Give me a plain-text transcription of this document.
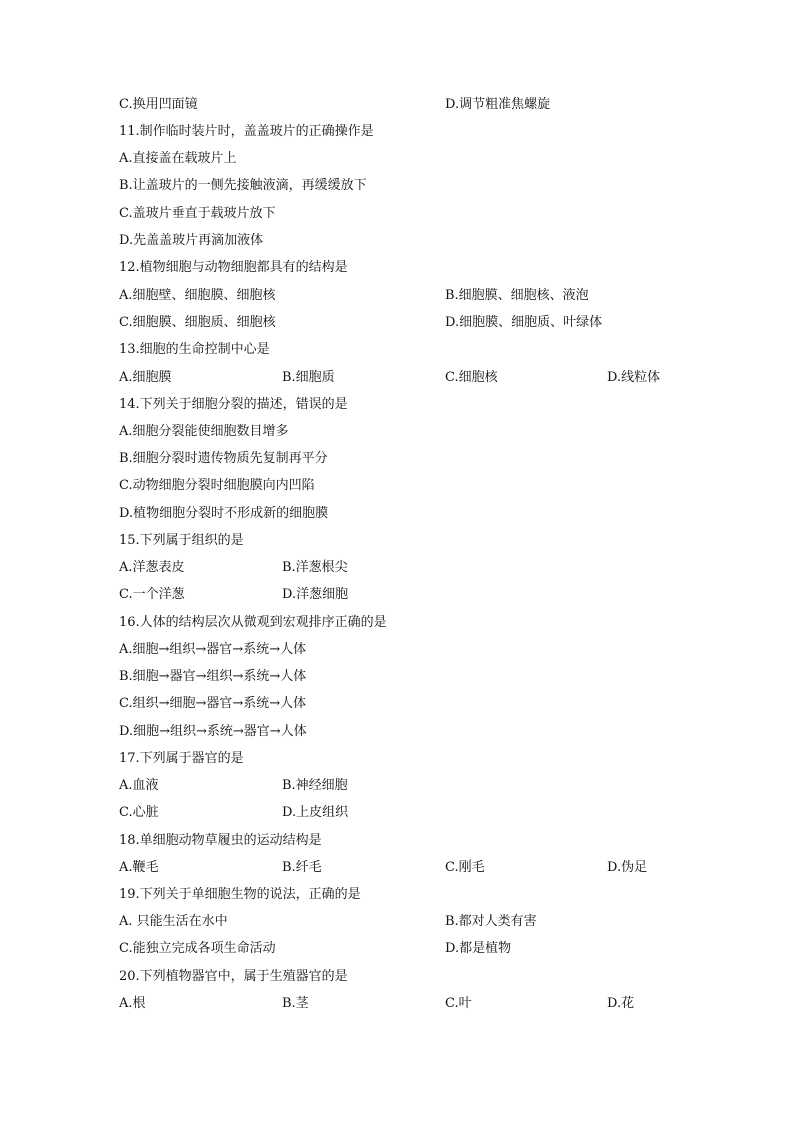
C.换用凹面镜	D.调节粗准焦螺旋
11.制作临时装片时，盖盖玻片的正确操作是
A.直接盖在载玻片上
B.让盖玻片的一侧先接触液滴，再缓缓放下
C.盖玻片垂直于载玻片放下
D.先盖盖玻片再滴加液体
12.植物细胞与动物细胞都具有的结构是
A.细胞壁、细胞膜、细胞核	B.细胞膜、细胞核、液泡
C.细胞膜、细胞质、细胞核	D.细胞膜、细胞质、叶绿体
13.细胞的生命控制中心是
A.细胞膜	B.细胞质	C.细胞核	D.线粒体
14.下列关于细胞分裂的描述，错误的是
A.细胞分裂能使细胞数目增多
B.细胞分裂时遗传物质先复制再平分
C.动物细胞分裂时细胞膜向内凹陷
D.植物细胞分裂时不形成新的细胞膜
15.下列属于组织的是
A.洋葱表皮	B.洋葱根尖
C.一个洋葱	D.洋葱细胞
16.人体的结构层次从微观到宏观排序正确的是
A.细胞→组织→器官→系统→人体
B.细胞→器官→组织→系统→人体
C.组织→细胞→器官→系统→人体
D.细胞→组织→系统→器官→人体
17.下列属于器官的是
A.血液	B.神经细胞
C.心脏	D.上皮组织
18.单细胞动物草履虫的运动结构是
A.鞭毛	B.纤毛	C.刚毛	D.伪足
19.下列关于单细胞生物的说法，正确的是
A. 只能生活在水中	B.都对人类有害
C.能独立完成各项生命活动	D.都是植物
20.下列植物器官中，属于生殖器官的是
A.根	B.茎	C.叶	D.花
